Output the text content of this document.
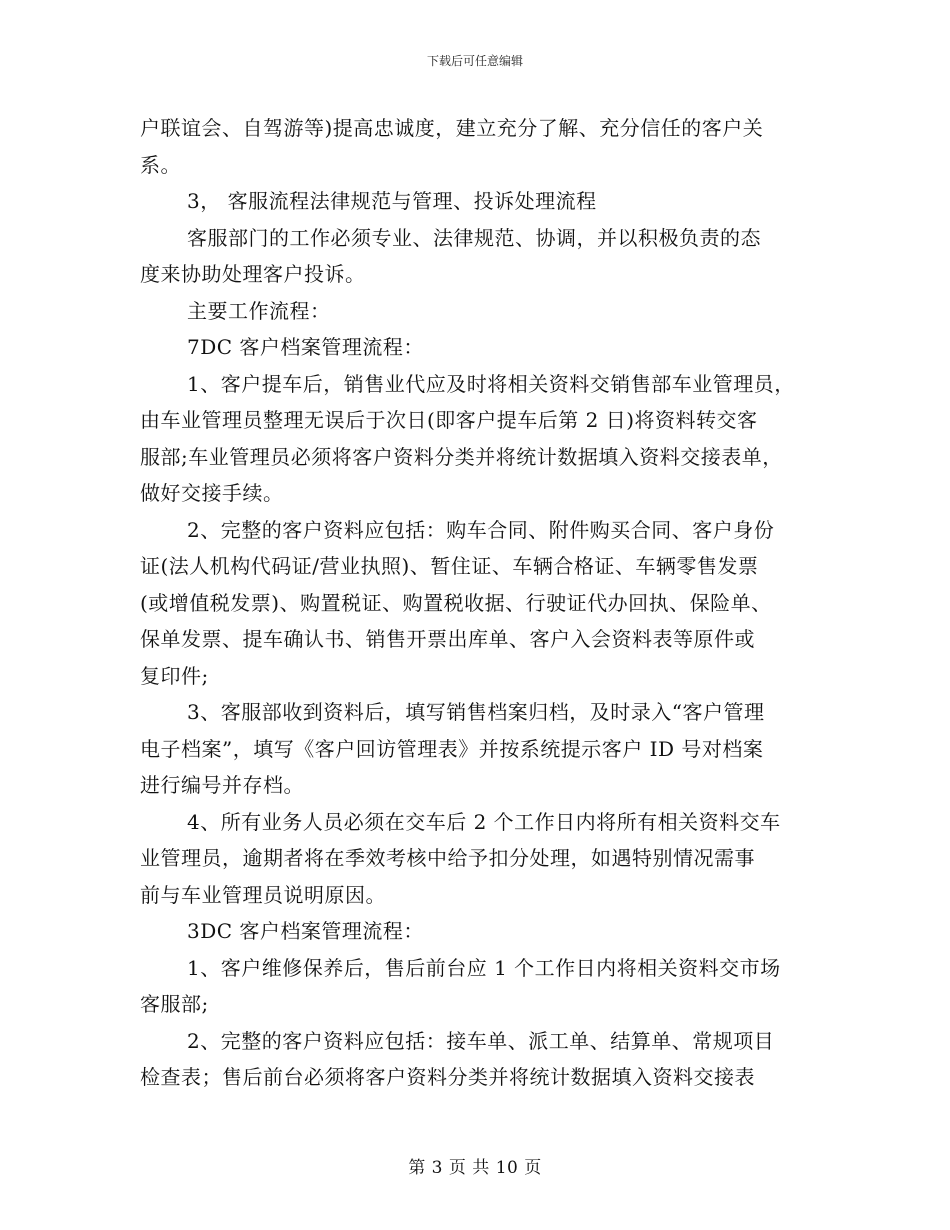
下载后可任意编辑
户联谊会、自驾游等)提高忠诚度，建立充分了解、充分信任的客户关
系。
3， 客服流程法律规范与管理、投诉处理流程
客服部门的工作必须专业、法律规范、协调，并以积极负责的态
度来协助处理客户投诉。
主要工作流程：
7DC 客户档案管理流程：
1、客户提车后，销售业代应及时将相关资料交销售部车业管理员，
由车业管理员整理无误后于次日(即客户提车后第 2 日)将资料转交客
服部;车业管理员必须将客户资料分类并将统计数据填入资料交接表单，
做好交接手续。
2、完整的客户资料应包括：购车合同、附件购买合同、客户身份
证(法人机构代码证/营业执照)、暂住证、车辆合格证、车辆零售发票
(或增值税发票)、购置税证、购置税收据、行驶证代办回执、保险单、
保单发票、提车确认书、销售开票出库单、客户入会资料表等原件或
复印件;
3、客服部收到资料后，填写销售档案归档，及时录入“客户管理
电子档案”，填写《客户回访管理表》并按系统提示客户 ID 号对档案
进行编号并存档。
4、所有业务人员必须在交车后 2 个工作日内将所有相关资料交车
业管理员，逾期者将在季效考核中给予扣分处理，如遇特别情况需事
前与车业管理员说明原因。
3DC 客户档案管理流程：
1、客户维修保养后，售后前台应 1 个工作日内将相关资料交市场
客服部;
2、完整的客户资料应包括：接车单、派工单、结算单、常规项目
检查表；售后前台必须将客户资料分类并将统计数据填入资料交接表
第 3 页 共 10 页
